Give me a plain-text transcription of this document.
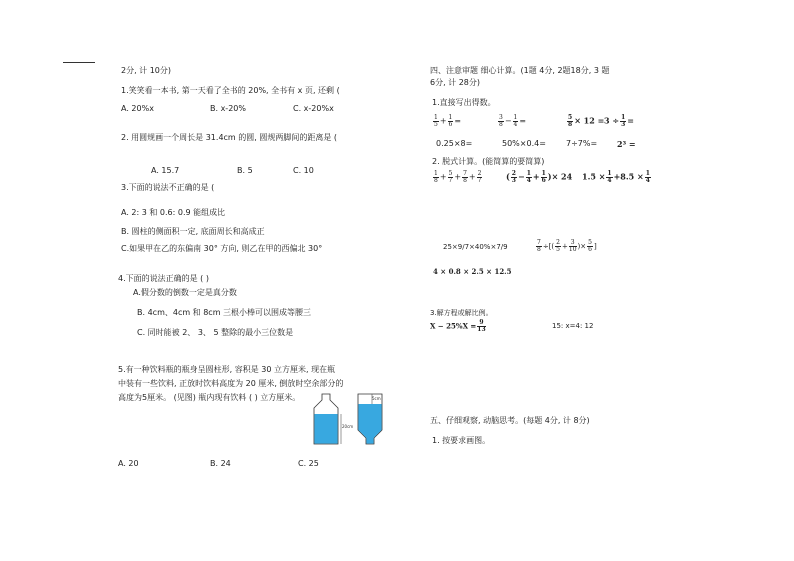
2分, 计 10分)
1.笑笑看一本书, 第一天看了全书的 20%, 全书有 x 页, 还剩 (
A. 20%x	B. x-20%	C. x-20%x
2. 用圆规画一个周长是 31.4cm 的圆, 圆规两脚间的距离是 (
A. 15.7	B. 5	C. 10
3.下面的说法不正确的是 (
A. 2: 3 和 0.6: 0.9 能组成比
B. 圆柱的侧面积一定, 底面周长和高成正
C.如果甲在乙的东偏南 30° 方向, 则乙在甲的西偏北 30°
4.下面的说法正确的是 ( )
A.假分数的倒数一定是真分数
B. 4cm、4cm 和 8cm 三根小棒可以围成等腰三
C. 同时能被 2、 3、 5 整除的最小三位数是
5.有一种饮料瓶的瓶身呈圆柱形, 容积是 30 立方厘米, 现在瓶
中装有一些饮料, 正放时饮料高度为 20 厘米, 倒放时空余部分的
高度为5厘米。 (见图) 瓶内现有饮料 ( ) 立方厘米。
20cm
5cm
A. 20	B. 24	C. 25
四、注意审题 细心计算。(1题 4分, 2题18分, 3 题
6分, 计 28分)
1.直接写出得数。
$\frac{1}{5} + \frac{1}{6}$ =	$\frac{3}{8} - \frac{1}{4}$ =	$\frac{5}{8} \times 12 = 3 \div \frac{1}{3}$ =
0.25×8=	50%×0.4=	7÷7%= 2³ =
2. 脱式计算。(能简算的要简算)
$\frac{1}{8} + \frac{5}{7} + \frac{7}{8} + \frac{2}{7}$	( $\frac{2}{3} - \frac{1}{4} + \frac{1}{6}$ )× 24 $1.5 \times \frac{1}{4} +8.5 \times \frac{1}{4}$
25×9/7×40%×7/9	$\frac{7}{8}$ ÷[( $\frac{2}{5} + \frac{3}{10}$ )× $\frac{5}{6}$ ]
4 × 0.8 × 2.5 × 12.5
3.解方程或解比例。
$X - 25\%X = \frac{9}{13}$	15: x=4: 12
五、仔细观察, 动脑思考。(每题 4分, 计 8分)
1. 按要求画图。
